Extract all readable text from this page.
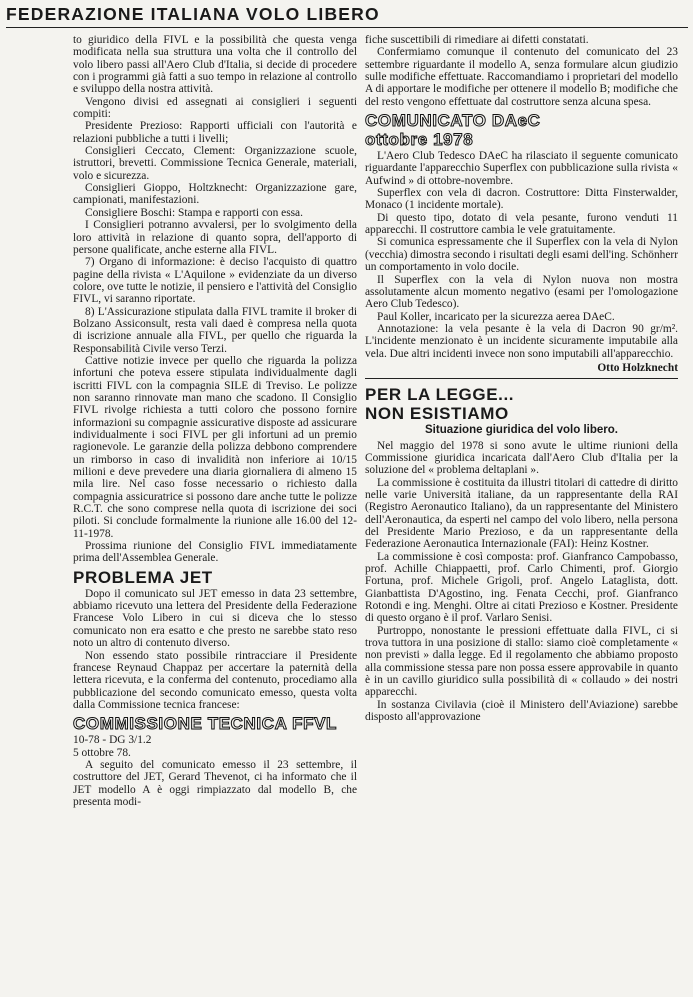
FEDERAZIONE ITALIANA VOLO LIBERO

to giuridico della FIVL e la possibilità che questa venga modificata nella sua struttura una volta che il controllo del volo libero passi all'Aero Club d'Italia, si decide di procedere con i programmi già fatti a suo tempo in relazione al controllo e sviluppo della nostra attività.

Vengono divisi ed assegnati ai consiglieri i seguenti compiti:

Presidente Prezioso: Rapporti ufficiali con l'autorità e relazioni pubbliche a tutti i livelli;

Consiglieri Ceccato, Clement: Organizzazione scuole, istruttori, brevetti. Commissione Tecnica Generale, materiali, volo e sicurezza.

Consiglieri Gioppo, Holtzknecht: Organizzazione gare, campionati, manifestazioni.

Consigliere Boschi: Stampa e rapporti con essa.

I Consiglieri potranno avvalersi, per lo svolgimento della loro attività in relazione di quanto sopra, dell'apporto di persone qualificate, anche esterne alla FIVL.

7) Organo di informazione: è deciso l'acquisto di quattro pagine della rivista « L'Aquilone » evidenziate da un diverso colore, ove tutte le notizie, il pensiero e l'attività del Consiglio FIVL, vi saranno riportate.

8) L'Assicurazione stipulata dalla FIVL tramite il broker di Bolzano Assiconsult, resta vali daed è compresa nella quota di iscrizione annuale alla FIVL, per quello che riguarda la Responsabilità Civile verso Terzi.

Cattive notizie invece per quello che riguarda la polizza infortuni che poteva essere stipulata individualmente dagli iscritti FIVL con la compagnia SILE di Treviso. Le polizze non saranno rinnovate man mano che scadono. Il Consiglio FIVL rivolge richiesta a tutti coloro che possono fornire informazioni su compagnie assicurative disposte ad assicurare individualmente i soci FIVL per gli infortuni ad un premio ragionevole. Le garanzie della polizza debbono comprendere un rimborso in caso di invalidità non inferiore ai 10/15 milioni e deve prevedere una diaria giornaliera di almeno 15 mila lire. Nel caso fosse necessario o richiesto dalla compagnia assicuratrice si possono dare anche tutte le polizze R.C.T. che sono comprese nella quota di iscrizione dei soci piloti. Si conclude formalmente la riunione alle 16.00 del 12-11-1978.

Prossima riunione del Consiglio FIVL immediatamente prima dell'Assemblea Generale.

PROBLEMA JET

Dopo il comunicato sul JET emesso in data 23 settembre, abbiamo ricevuto una lettera del Presidente della Federazione Francese Volo Libero in cui si diceva che lo stesso comunicato non era esatto e che presto ne sarebbe stato reso noto un altro di contenuto diverso.

Non essendo stato possibile rintracciare il Presidente francese Reynaud Chappaz per accertare la paternità della lettera ricevuta, e la conferma del contenuto, procediamo alla pubblicazione del secondo comunicato emesso, questa volta dalla Commissione tecnica francese:

COMMISSIONE TECNICA FFVL

10-78 - DG 3/1.2

5 ottobre 78.

A seguito del comunicato emesso il 23 settembre, il costruttore del JET, Gerard Thevenot, ci ha informato che il JET modello A è oggi rimpiazzato dal modello B, che presenta modi-

fiche suscettibili di rimediare ai difetti constatati.

Confermiamo comunque il contenuto del comunicato del 23 settembre riguardante il modello A, senza formulare alcun giudizio sulle modifiche effettuate. Raccomandiamo i proprietari del modello A di apportare le modifiche per ottenere il modello B; modifiche che del resto vengono effettuate dal costruttore senza alcuna spesa.

COMUNICATO DAeC
ottobre 1978

L'Aero Club Tedesco DAeC ha rilasciato il seguente comunicato riguardante l'apparecchio Superflex con pubblicazione sulla rivista « Aufwind » di ottobre-novembre.

Superflex con vela di dacron. Costruttore: Ditta Finsterwalder, Monaco (1 incidente mortale).

Di questo tipo, dotato di vela pesante, furono venduti 11 apparecchi. Il costruttore cambia le vele gratuitamente.

Si comunica espressamente che il Superflex con la vela di Nylon (vecchia) dimostra secondo i risultati degli esami dell'ing. Schönherr un comportamento in volo docile.

Il Superflex con la vela di Nylon nuova non mostra assolutamente alcun momento negativo (esami per l'omologazione Aero Club Tedesco).

Paul Koller, incaricato per la sicurezza aerea DAeC.

Annotazione: la vela pesante è la vela di Dacron 90 gr/m². L'incidente menzionato è un incidente sicuramente imputabile alla vela. Due altri incidenti invece non sono imputabili all'apparecchio.

Otto Holzknecht

PER LA LEGGE...
NON ESISTIAMO
Situazione giuridica del volo libero.

Nel maggio del 1978 si sono avute le ultime riunioni della Commissione giuridica incaricata dall'Aero Club d'Italia per la soluzione del « problema deltaplani ».

La commissione è costituita da illustri titolari di cattedre di diritto nelle varie Università italiane, da un rappresentante della RAI (Registro Aeronautico Italiano), da un rappresentante del Ministero dell'Aeronautica, da esperti nel campo del volo libero, nella persona del Presidente Mario Prezioso, e da un rappresentante della Federazione Aeronautica Internazionale (FAI): Heinz Kostner.

La commissione è così composta: prof. Gianfranco Campobasso, prof. Achille Chiappaetti, prof. Carlo Chimenti, prof. Giorgio Fortuna, prof. Michele Grigoli, prof. Angelo Lataglista, dott. Gianbattista D'Agostino, ing. Fenata Cecchi, prof. Gianfranco Rotondi e ing. Menghi. Oltre ai citati Prezioso e Kostner. Presidente di questo organo è il prof. Varlaro Senisi.

Purtroppo, nonostante le pressioni effettuate dalla FIVL, ci si trova tuttora in una posizione di stallo: siamo cioè completamente « non previsti » dalla legge. Ed il regolamento che abbiamo proposto alla commissione stessa pare non possa essere approvabile in quanto è in un cavillo giuridico sulla possibilità di « collaudo » dei nostri apparecchi.

In sostanza Civilavia (cioè il Ministero dell'Aviazione) sarebbe disposto all'approvazione
